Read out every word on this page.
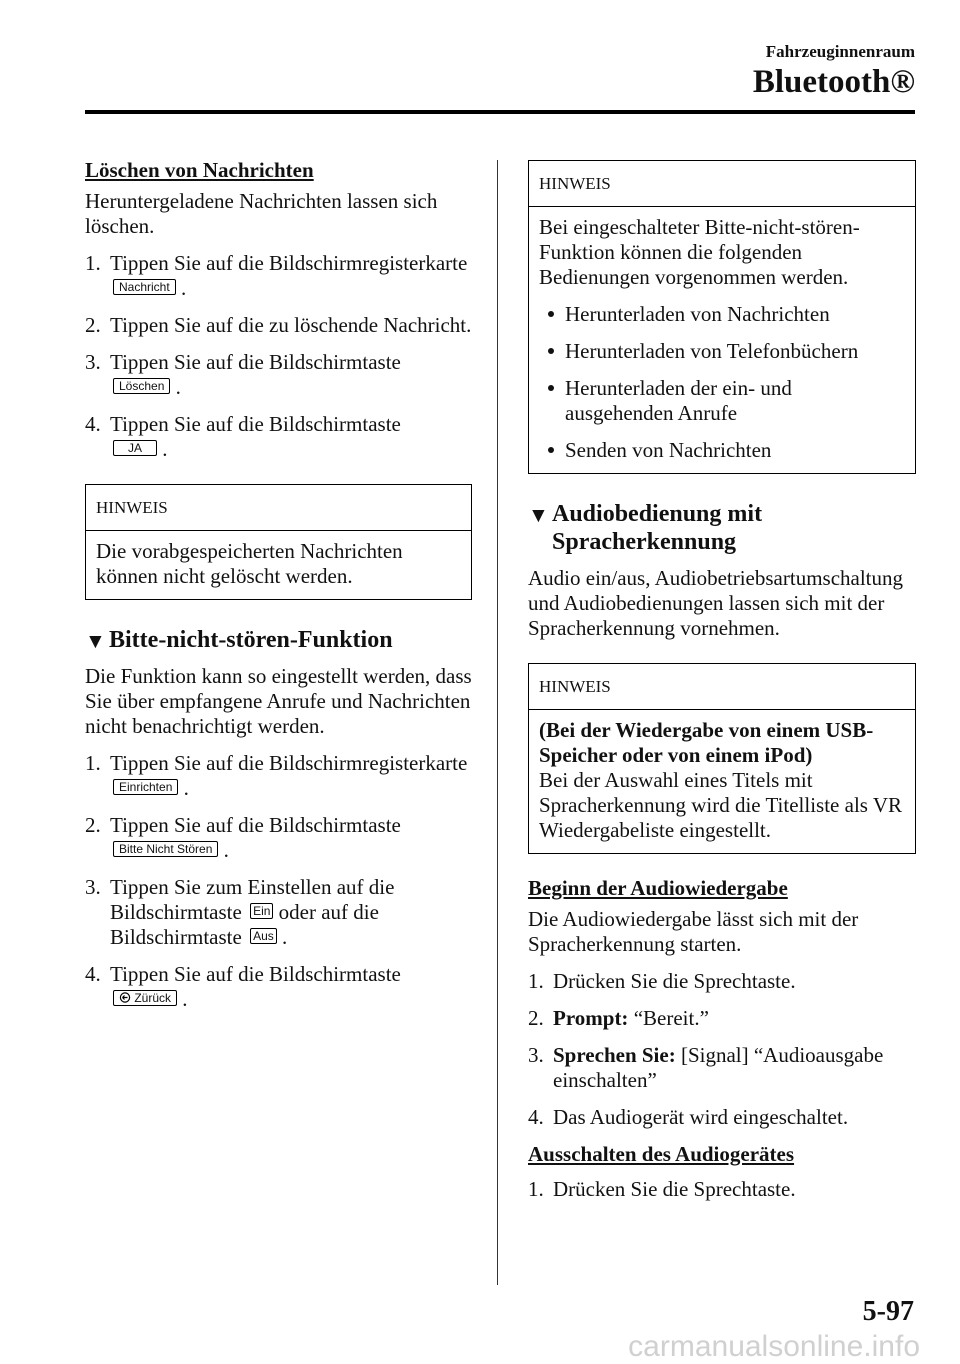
Fahrzeuginnenraum
Bluetooth®
Löschen von Nachrichten

Heruntergeladene Nachrichten lassen sich löschen.

1. Tippen Sie auf die Bildschirmregisterkarte Nachricht .
2. Tippen Sie auf die zu löschende Nachricht.
3. Tippen Sie auf die Bildschirmtaste
Löschen .
4. Tippen Sie auf die Bildschirmtaste
JA .
HINWEIS

Die vorabgespeicherten Nachrichten können nicht gelöscht werden.

▼ Bitte-nicht-stören-Funktion

Die Funktion kann so eingestellt werden, dass Sie über empfangene Anrufe und Nachrichten nicht benachrichtigt werden.

1. Tippen Sie auf die Bildschirmregisterkarte Einrichten .
2. Tippen Sie auf die Bildschirmtaste
Bitte Nicht Stören .
3. Tippen Sie zum Einstellen auf die Bildschirmtaste Ein oder auf die Bildschirmtaste Aus .
4. Tippen Sie auf die Bildschirmtaste
Zürück .
HINWEIS

Bei eingeschalteter Bitte-nicht-stören-Funktion können die folgenden Bedienungen vorgenommen werden.

Herunterladen von Nachrichten
Herunterladen von Telefonbüchern
Herunterladen der ein- und ausgehenden Anrufe
Senden von Nachrichten
▼ Audiobedienung mit Spracherkennung

Audio ein/aus, Audiobetriebsartumschaltung und Audiobedienungen lassen sich mit der Spracherkennung vornehmen.

HINWEIS

(Bei der Wiedergabe von einem USB-Speicher oder von einem iPod)

Bei der Auswahl eines Titels mit Spracherkennung wird die Titelliste als VR Wiedergabeliste eingestellt.

Beginn der Audiowiedergabe

Die Audiowiedergabe lässt sich mit der Spracherkennung starten.

1. Drücken Sie die Sprechtaste.
2. Prompt: “Bereit.”
3. Sprechen Sie: [Signal] “Audioausgabe einschalten”
4. Das Audiogerät wird eingeschaltet.
Ausschalten des Audiogerätes
1. Drücken Sie die Sprechtaste.
5-97
carmanualsonline.info
